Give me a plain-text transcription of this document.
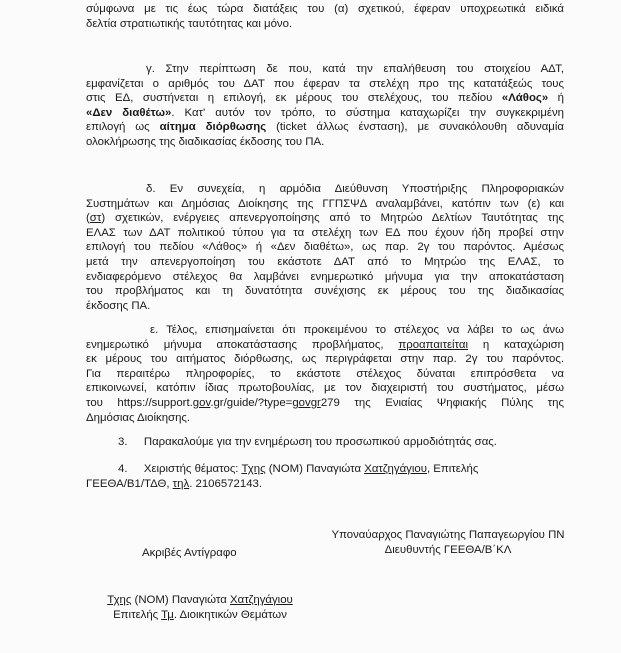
σύμφωνα με τις έως τώρα διατάξεις του (α) σχετικού, έφεραν υποχρεωτικά ειδικά
δελτία στρατιωτικής ταυτότητας και μόνο.
γ. Στην περίπτωση δε που, κατά την επαλήθευση του στοιχείου ΑΔΤ,
εμφανίζεται ο αριθμός του ΔΑΤ που έφεραν τα στελέχη προ της κατατάξεώς τους
στις ΕΔ, συστήνεται η επιλογή, εκ μέρους του στελέχους, του πεδίου «Λάθος» ή
«Δεν διαθέτω». Κατ' αυτόν τον τρόπο, το σύστημα καταχωρίζει την συγκεκριμένη
επιλογή ως αίτημα διόρθωσης (ticket άλλως ένσταση), με συνακόλουθη αδυναμία
ολοκλήρωσης της διαδικασίας έκδοσης του ΠΑ.
δ. Εν συνεχεία, η αρμόδια Διεύθυνση Υποστήριξης Πληροφοριακών
Συστημάτων και Δημόσιας Διοίκησης της ΓΓΠΣΨΔ αναλαμβάνει, κατόπιν των (ε) και
(στ) σχετικών, ενέργειες απενεργοποίησης από το Μητρώο Δελτίων Ταυτότητας της
ΕΛΑΣ των ΔΑΤ πολιτικού τύπου για τα στελέχη των ΕΔ που έχουν ήδη προβεί στην
επιλογή του πεδίου «Λάθος» ή «Δεν διαθέτω», ως παρ. 2γ του παρόντος. Αμέσως
μετά την απενεργοποίηση του εκάστοτε ΔΑΤ από το Μητρώο της ΕΛΑΣ, το
ενδιαφερόμενο στέλεχος θα λαμβάνει ενημερωτικό μήνυμα για την αποκατάσταση
του προβλήματος και τη δυνατότητα συνέχισης εκ μέρους του της διαδικασίας
έκδοσης ΠΑ.
ε. Τέλος, επισημαίνεται ότι προκειμένου το στέλεχος να λάβει το ως άνω
ενημερωτικό μήνυμα αποκατάστασης προβλήματος, προαπαιτείται η καταχώριση
εκ μέρους του αιτήματος διόρθωσης, ως περιγράφεται στην παρ. 2γ του παρόντος.
Για περαιτέρω πληροφορίες, το εκάστοτε στέλεχος δύναται επιπρόσθετα να
επικοινωνεί, κατόπιν ίδιας πρωτοβουλίας, με τον διαχειριστή του συστήματος, μέσω
του https://support.gov.gr/guide/?type=govgr279 της Ενιαίας Ψηφιακής Πύλης της
Δημόσιας Διοίκησης.
3. Παρακαλούμε για την ενημέρωση του προσωπικού αρμοδιότητάς σας.
4. Χειριστής θέματος: Τχης (ΝΟΜ) Παναγιώτα Χατζηγάγιου, Επιτελής
ΓΕΕΘΑ/Β1/ΤΔΘ, τηλ. 2106572143.
Υποναύαρχος Παναγιώτης Παπαγεωργίου ΠΝ
Διευθυντής ΓΕΕΘΑ/Β΄ΚΛ
Ακριβές Αντίγραφο
Τχης (ΝΟΜ) Παναγιώτα Χατζηγάγιου
Επιτελής Τμ. Διοικητικών Θεμάτων
